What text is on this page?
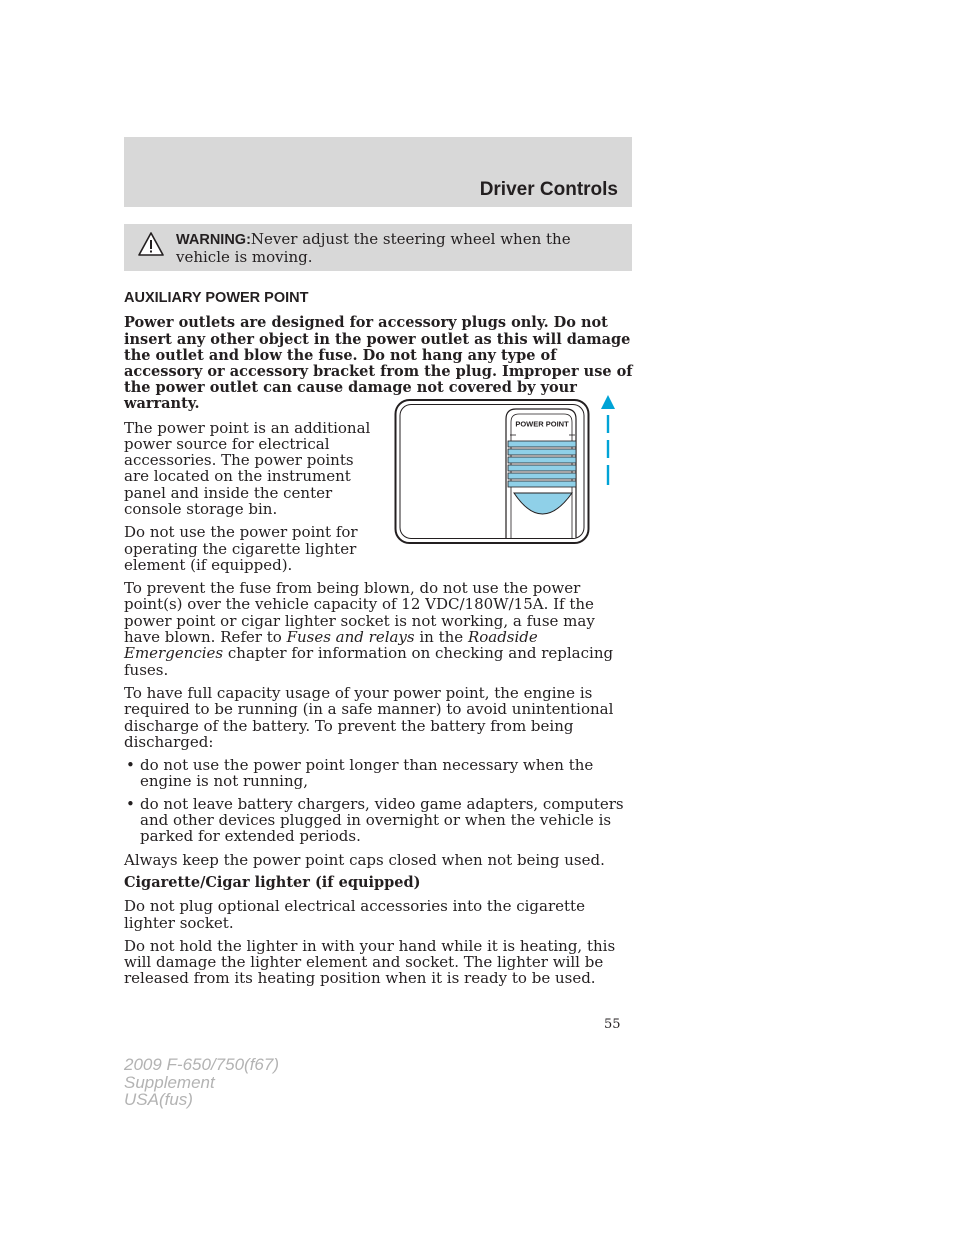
Driver Controls
WARNING:Never adjust the steering wheel when the vehicle is moving.
AUXILIARY POWER POINT

Power outlets are designed for accessory plugs only. Do not insert any other object in the power outlet as this will damage the outlet and blow the fuse. Do not hang any type of accessory or accessory bracket from the plug. Improper use of the power outlet can cause damage not covered by your warranty.

The power point is an additional power source for electrical accessories. The power points are located on the instrument panel and inside the center console storage bin.

Do not use the power point for operating the cigarette lighter element (if equipped).

To prevent the fuse from being blown, do not use the power point(s) over the vehicle capacity of 12 VDC/180W/15A. If the power point or cigar lighter socket is not working, a fuse may have blown. Refer to Fuses and relays in the Roadside Emergencies chapter for information on checking and replacing fuses.

To have full capacity usage of your power point, the engine is required to be running (in a safe manner) to avoid unintentional discharge of the battery. To prevent the battery from being discharged:

• do not use the power point longer than necessary when the engine is not running,
• do not leave battery chargers, video game adapters, computers and other devices plugged in overnight or when the vehicle is parked for extended periods.

Always keep the power point caps closed when not being used.

Cigarette/Cigar lighter (if equipped)

Do not plug optional electrical accessories into the cigarette lighter socket.

Do not hold the lighter in with your hand while it is heating, this will damage the lighter element and socket. The lighter will be released from its heating position when it is ready to be used.

POWER POINT
55
2009 F-650/750(f67)
Supplement
USA(fus)
